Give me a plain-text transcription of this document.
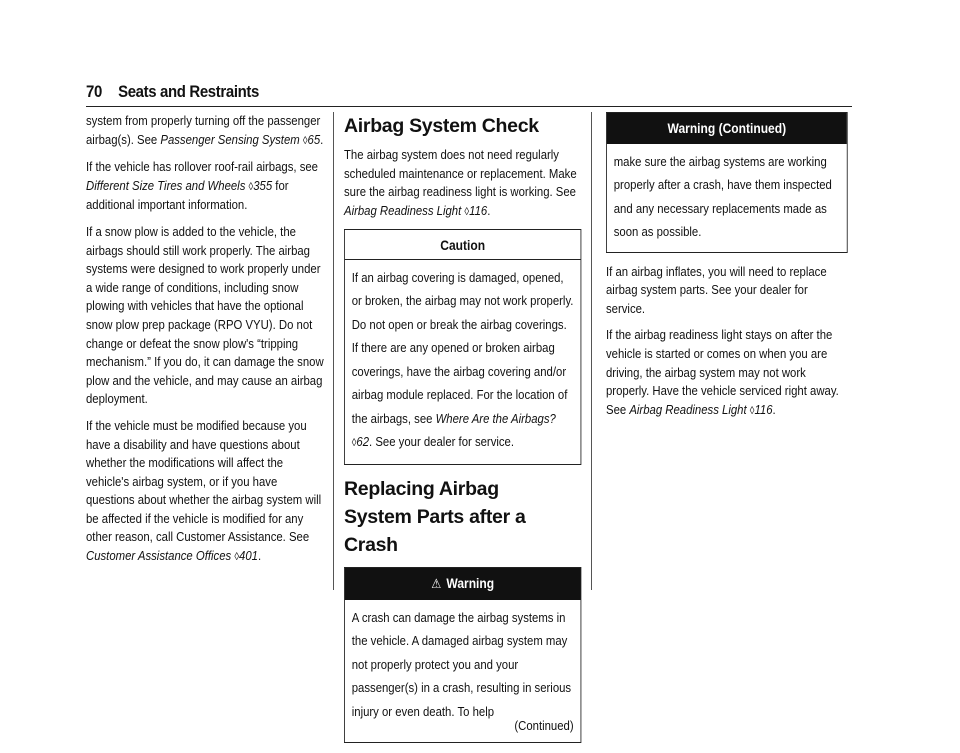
70 Seats and Restraints

system from properly turning off the passenger airbag(s). See Passenger Sensing System ◊65.

If the vehicle has rollover roof-rail airbags, see Different Size Tires and Wheels ◊355 for additional important information.

If a snow plow is added to the vehicle, the airbags should still work properly. The airbag systems were designed to work properly under a wide range of conditions, including snow plowing with vehicles that have the optional snow plow prep package (RPO VYU). Do not change or defeat the snow plow's “tripping mechanism.” If you do, it can damage the snow plow and the vehicle, and may cause an airbag deployment.

If the vehicle must be modified because you have a disability and have questions about whether the modifications will affect the vehicle's airbag system, or if you have questions about whether the airbag system will be affected if the vehicle is modified for any other reason, call Customer Assistance. See Customer Assistance Offices ◊401.

Airbag System Check

The airbag system does not need regularly scheduled maintenance or replacement. Make sure the airbag readiness light is working. See Airbag Readiness Light ◊116.

Caution
If an airbag covering is damaged, opened, or broken, the airbag may not work properly. Do not open or break the airbag coverings. If there are any opened or broken airbag coverings, have the airbag covering and/or airbag module replaced. For the location of the airbags, see Where Are the Airbags? ◊62. See your dealer for service.
Replacing Airbag System Parts after a Crash
⚠ Warning
A crash can damage the airbag systems in the vehicle. A damaged airbag system may not properly protect you and your passenger(s) in a crash, resulting in serious injury or even death. To help
(Continued)
Warning (Continued)
make sure the airbag systems are working properly after a crash, have them inspected and any necessary replacements made as soon as possible.

If an airbag inflates, you will need to replace airbag system parts. See your dealer for service.

If the airbag readiness light stays on after the vehicle is started or comes on when you are driving, the airbag system may not work properly. Have the vehicle serviced right away. See Airbag Readiness Light ◊116.
